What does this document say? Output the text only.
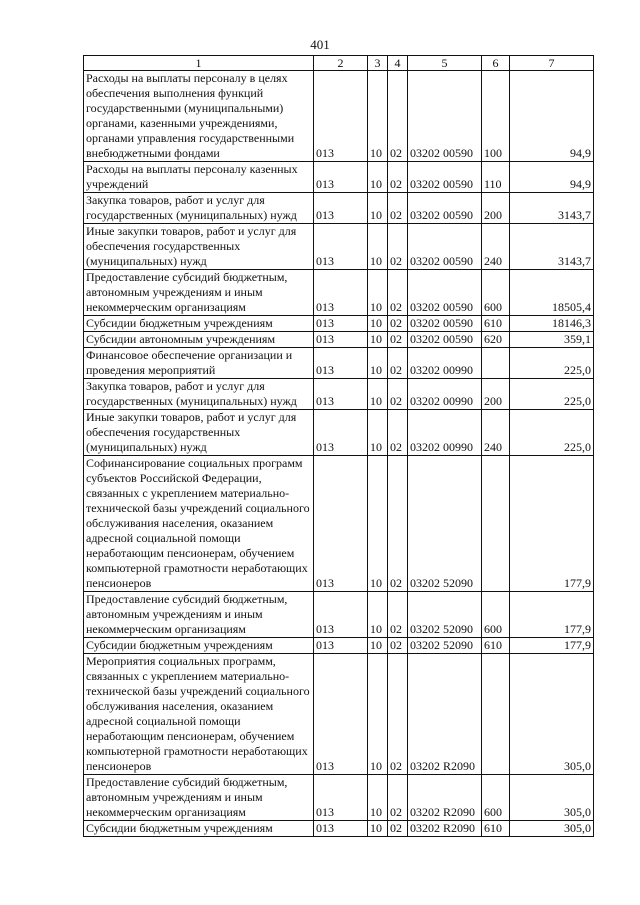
401
1	2	3	4	5	6	7
Расходы на выплаты персоналу в целях обеспечения выполнения функций государственными (муниципальными) органами, казенными учреждениями, органами управления государственными внебюджетными фондами	013	10	02	03202 00590	100	94,9
Расходы на выплаты персоналу казенных учреждений	013	10	02	03202 00590	110	94,9
Закупка товаров, работ и услуг для государственных (муниципальных) нужд	013	10	02	03202 00590	200	3143,7
Иные закупки товаров, работ и услуг для обеспечения государственных (муниципальных) нужд	013	10	02	03202 00590	240	3143,7
Предоставление субсидий бюджетным, автономным учреждениям и иным некоммерческим организациям	013	10	02	03202 00590	600	18505,4
Субсидии бюджетным учреждениям	013	10	02	03202 00590	610	18146,3
Субсидии автономным учреждениям	013	10	02	03202 00590	620	359,1
Финансовое обеспечение организации и проведения мероприятий	013	10	02	03202 00990		225,0
Закупка товаров, работ и услуг для государственных (муниципальных) нужд	013	10	02	03202 00990	200	225,0
Иные закупки товаров, работ и услуг для обеспечения государственных (муниципальных) нужд	013	10	02	03202 00990	240	225,0
Софинансирование социальных программ субъектов Российской Федерации, связанных с укреплением материально-технической базы учреждений социального обслуживания населения, оказанием адресной социальной помощи неработающим пенсионерам, обучением компьютерной грамотности неработающих пенсионеров	013	10	02	03202 52090		177,9
Предоставление субсидий бюджетным, автономным учреждениям и иным некоммерческим организациям	013	10	02	03202 52090	600	177,9
Субсидии бюджетным учреждениям	013	10	02	03202 52090	610	177,9
Мероприятия социальных программ, связанных с укреплением материально-технической базы учреждений социального обслуживания населения, оказанием адресной социальной помощи неработающим пенсионерам, обучением компьютерной грамотности неработающих пенсионеров	013	10	02	03202 R2090		305,0
Предоставление субсидий бюджетным, автономным учреждениям и иным некоммерческим организациям	013	10	02	03202 R2090	600	305,0
Субсидии бюджетным учреждениям	013	10	02	03202 R2090	610	305,0
